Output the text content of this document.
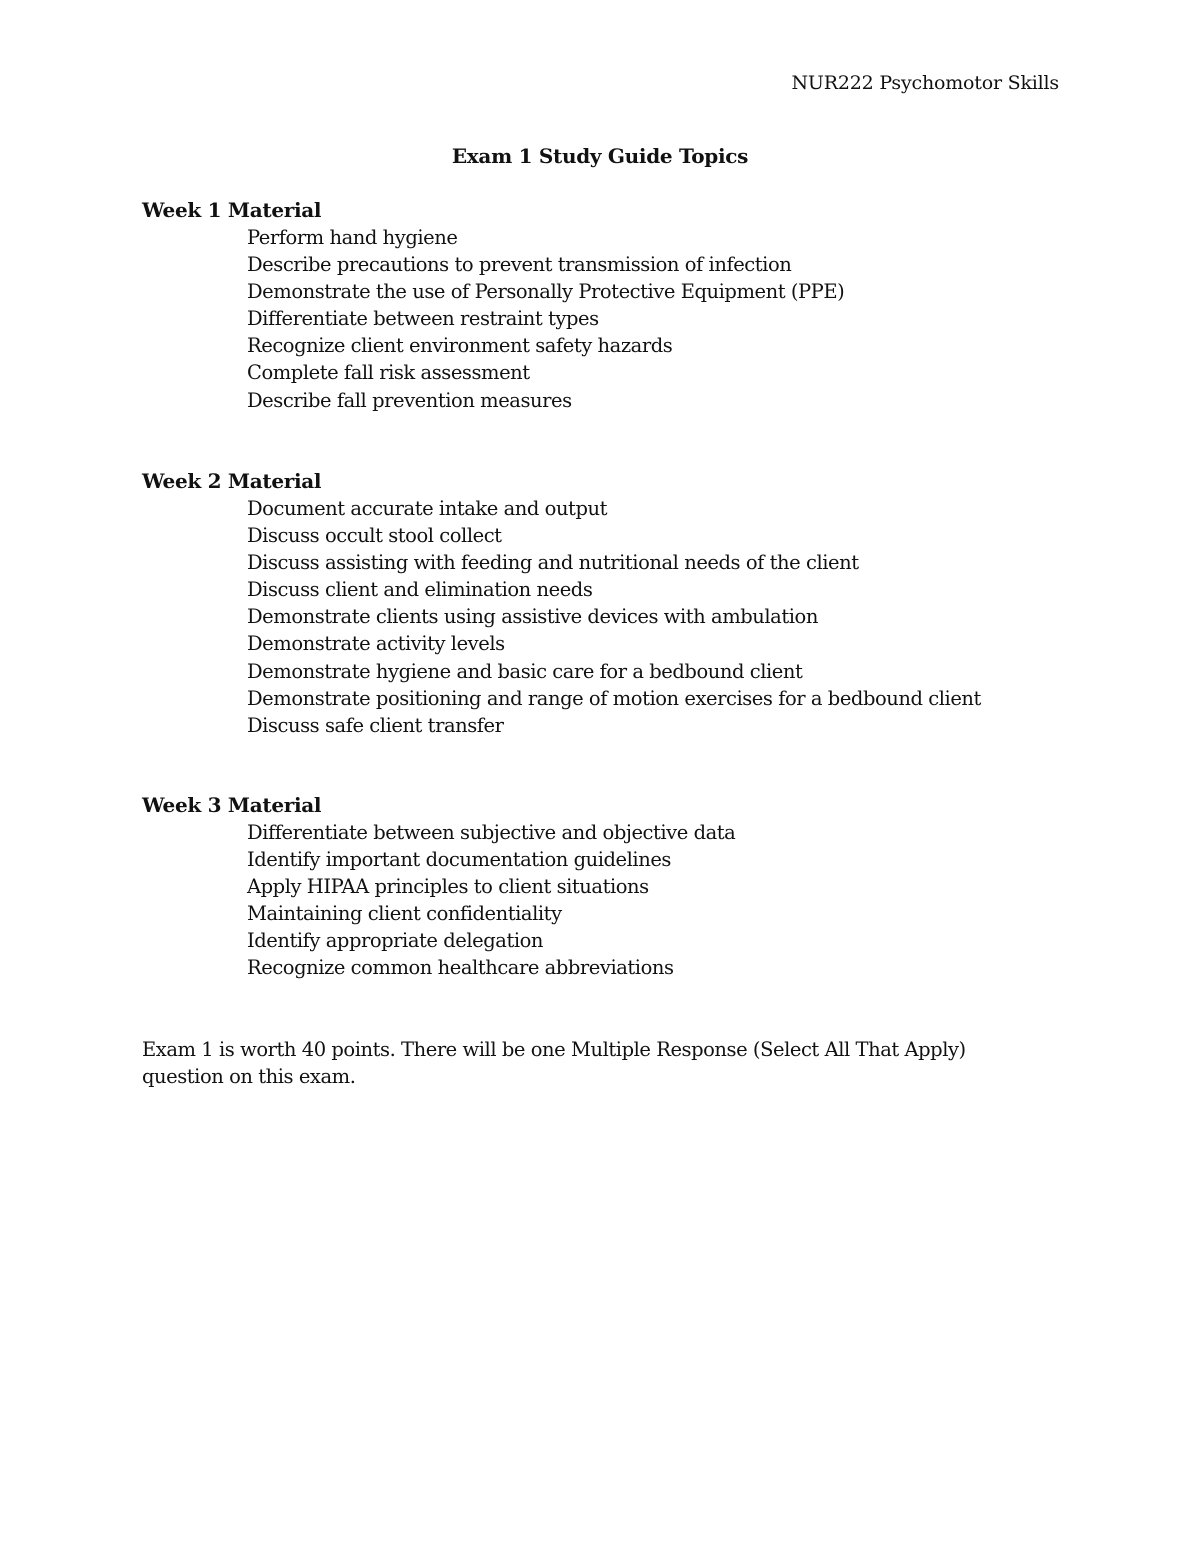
NUR222 Psychomotor Skills
Exam 1 Study Guide Topics
Week 1 Material
Perform hand hygiene
Describe precautions to prevent transmission of infection
Demonstrate the use of Personally Protective Equipment (PPE)
Differentiate between restraint types
Recognize client environment safety hazards
Complete fall risk assessment
Describe fall prevention measures
Week 2 Material
Document accurate intake and output
Discuss occult stool collect
Discuss assisting with feeding and nutritional needs of the client
Discuss client and elimination needs
Demonstrate clients using assistive devices with ambulation
Demonstrate activity levels
Demonstrate hygiene and basic care for a bedbound client
Demonstrate positioning and range of motion exercises for a bedbound client
Discuss safe client transfer
Week 3 Material
Differentiate between subjective and objective data
Identify important documentation guidelines
Apply HIPAA principles to client situations
Maintaining client confidentiality
Identify appropriate delegation
Recognize common healthcare abbreviations

Exam 1 is worth 40 points. There will be one Multiple Response (Select All That Apply) question on this exam.
